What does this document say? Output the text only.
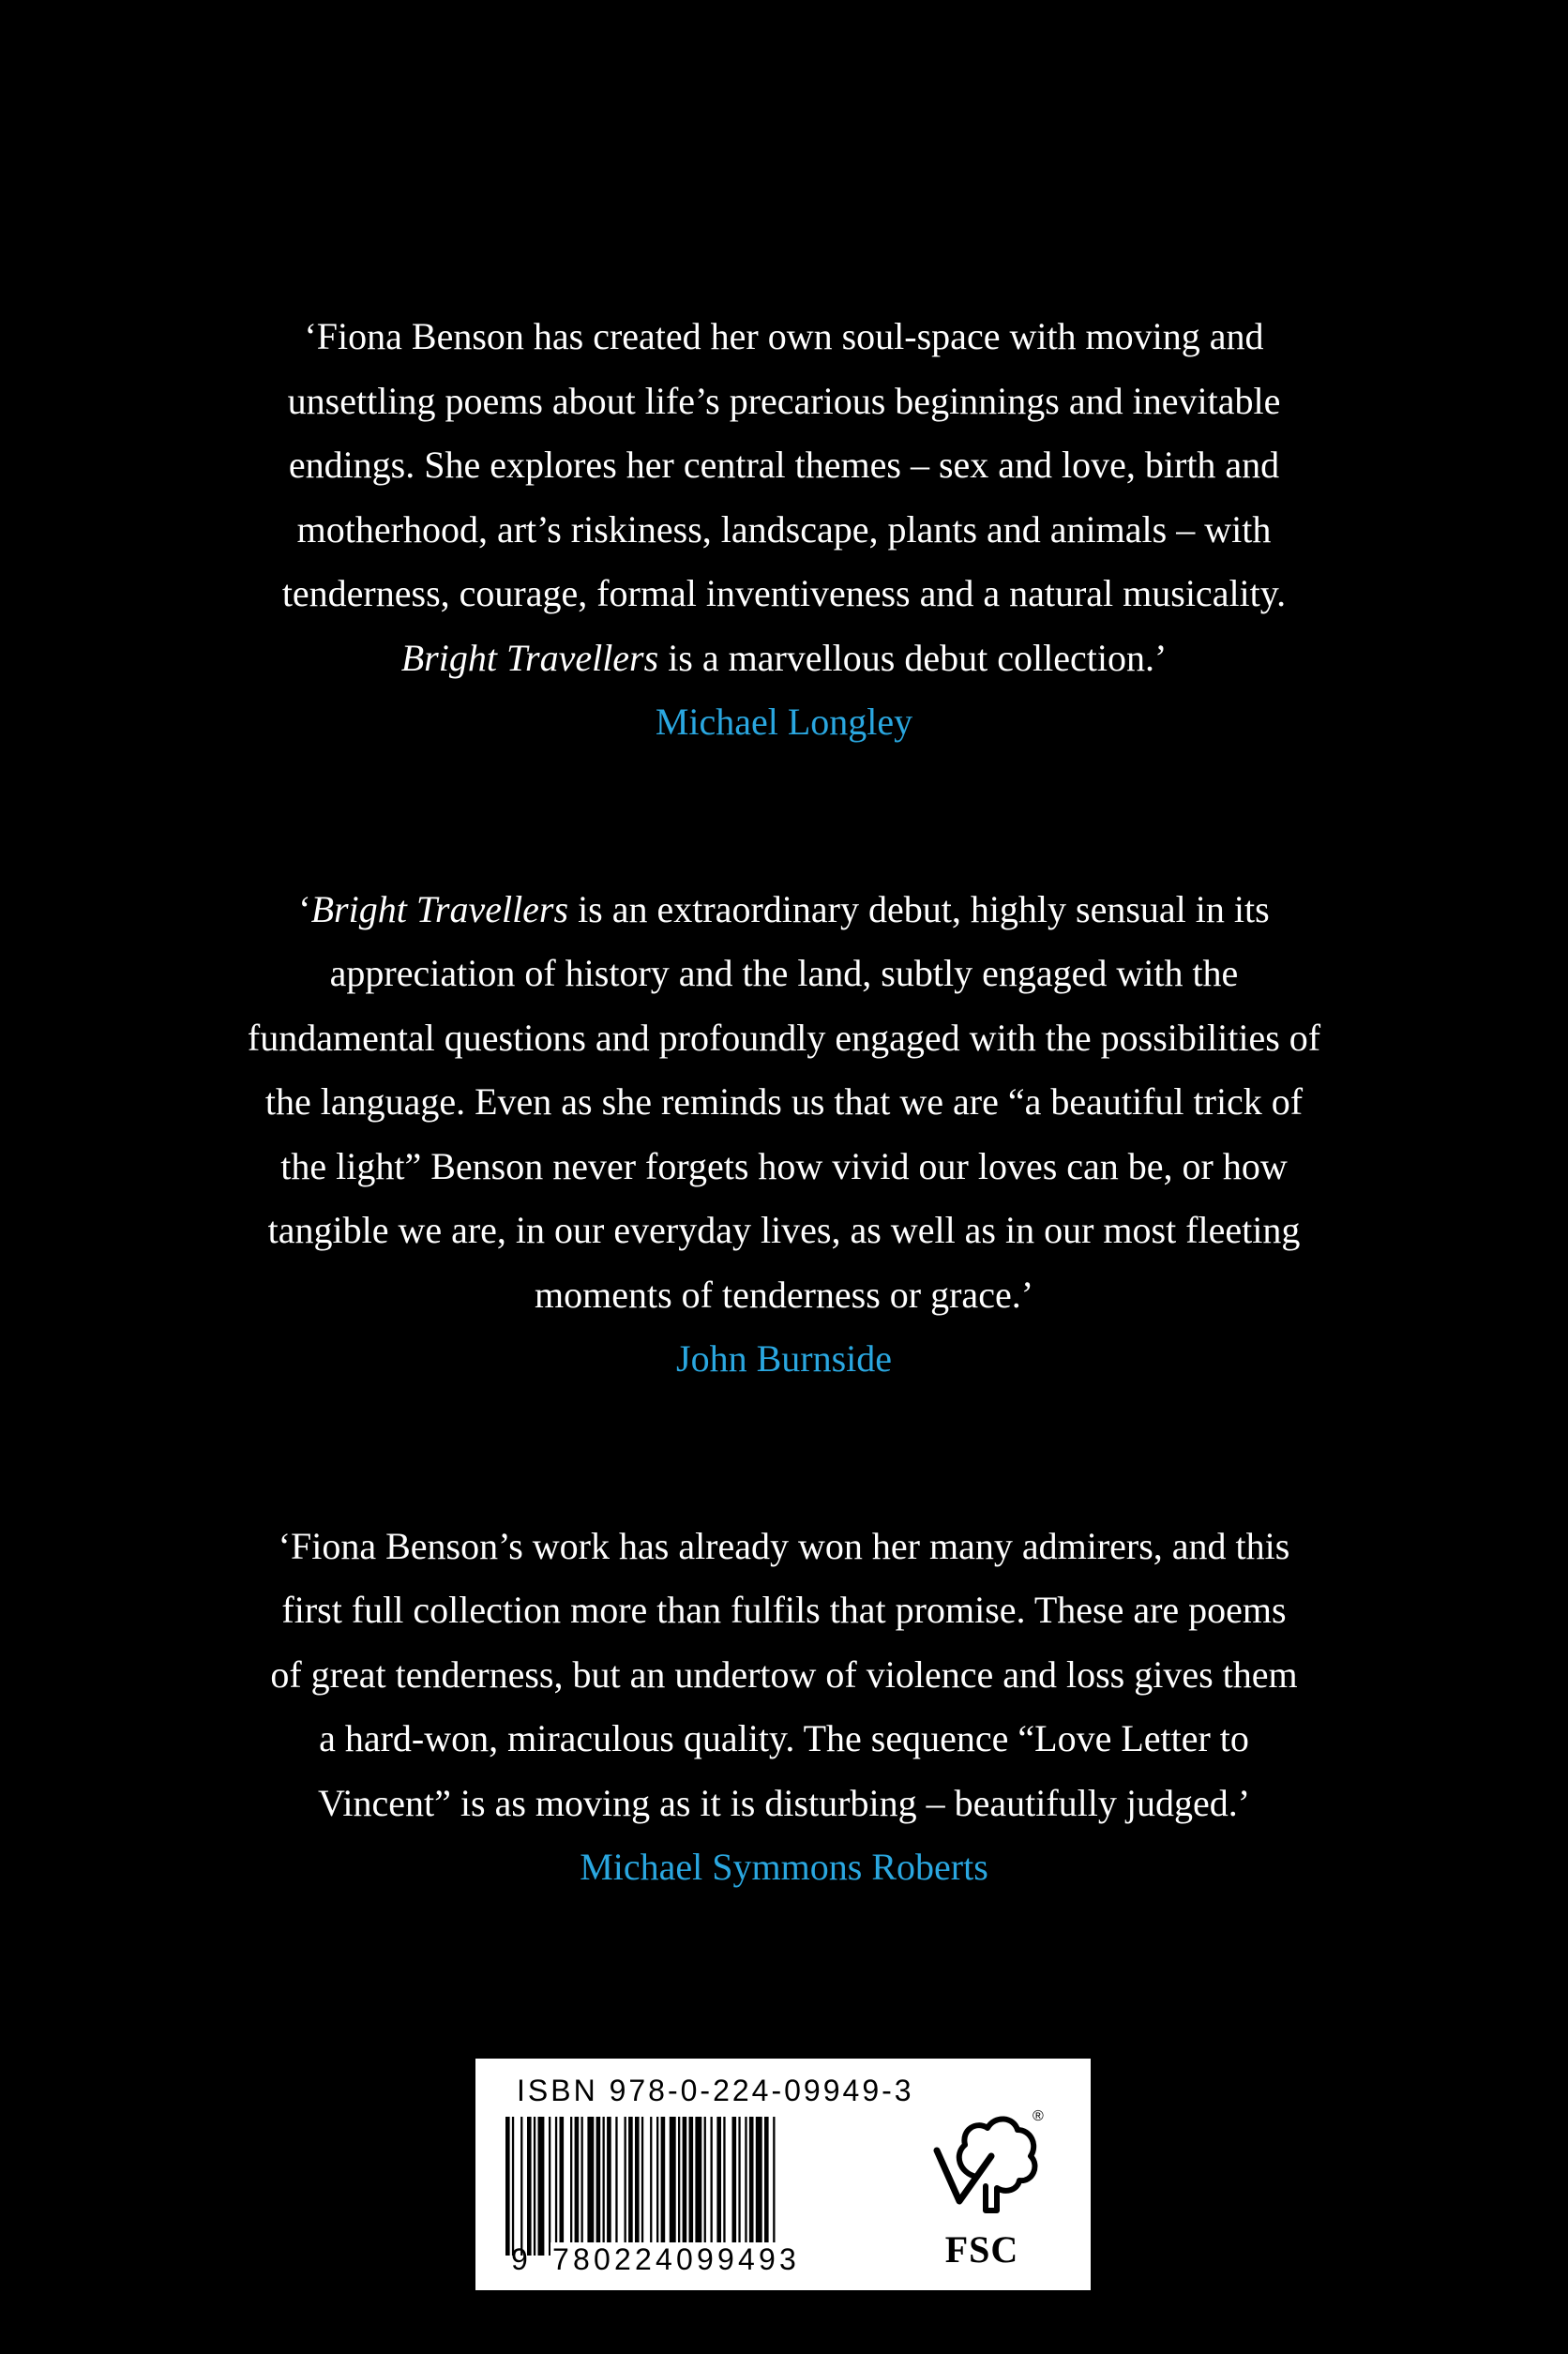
‘Fiona Benson has created her own soul-space with moving and
unsettling poems about life’s precarious beginnings and inevitable
endings. She explores her central themes – sex and love, birth and
motherhood, art’s riskiness, landscape, plants and animals – with
tenderness, courage, formal inventiveness and a natural musicality.
Bright Travellers is a marvellous debut collection.’

Michael Longley

‘Bright Travellers is an extraordinary debut, highly sensual in its
appreciation of history and the land, subtly engaged with the
fundamental questions and profoundly engaged with the possibilities of
the language. Even as she reminds us that we are “a beautiful trick of
the light” Benson never forgets how vivid our loves can be, or how
tangible we are, in our everyday lives, as well as in our most fleeting
moments of tenderness or grace.’

John Burnside

‘Fiona Benson’s work has already won her many admirers, and this
first full collection more than fulfils that promise. These are poems
of great tenderness, but an undertow of violence and loss gives them
a hard-won, miraculous quality. The sequence “Love Letter to
Vincent” is as moving as it is disturbing – beautifully judged.’

Michael Symmons Roberts
ISBN 978-0-224-09949-3
9 780224099493
®
FSC
